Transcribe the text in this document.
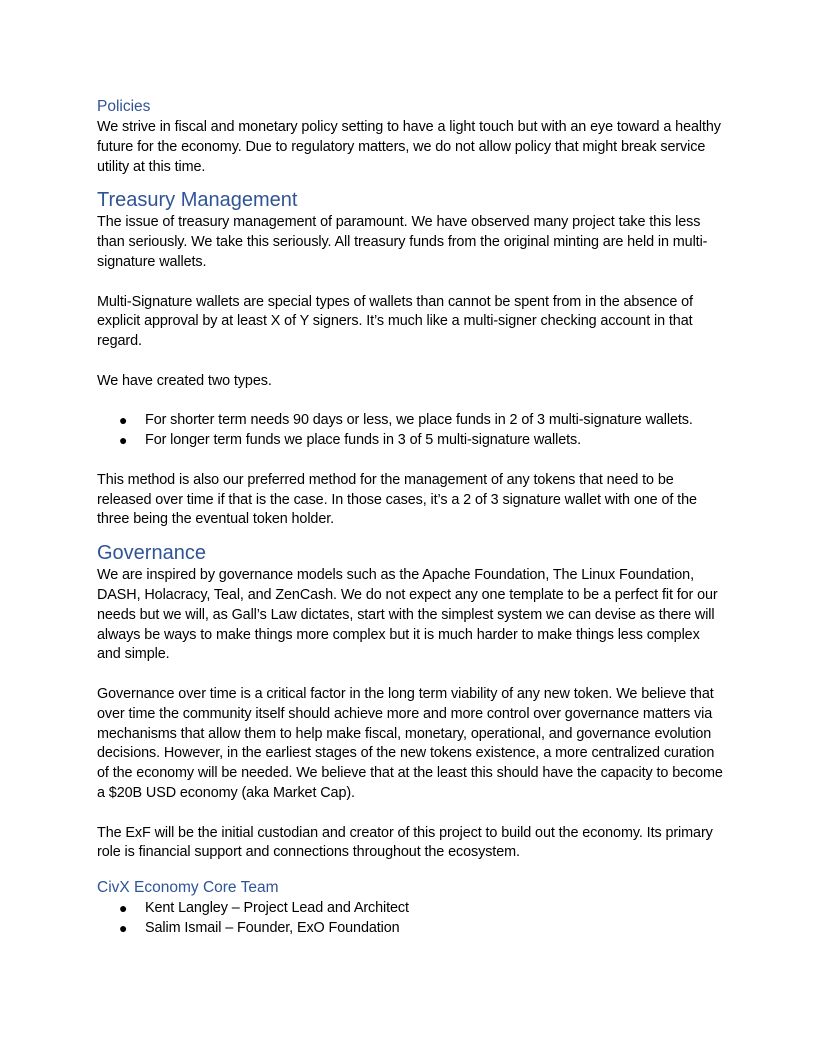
Policies

We strive in fiscal and monetary policy setting to have a light touch but with an eye toward a healthy future for the economy. Due to regulatory matters, we do not allow policy that might break service utility at this time.

Treasury Management

The issue of treasury management of paramount. We have observed many project take this less than seriously. We take this seriously. All treasury funds from the original minting are held in multi-signature wallets.

Multi-Signature wallets are special types of wallets than cannot be spent from in the absence of explicit approval by at least X of Y signers. It’s much like a multi-signer checking account in that regard.

We have created two types.

● For shorter term needs 90 days or less, we place funds in 2 of 3 multi-signature wallets.
● For longer term funds we place funds in 3 of 5 multi-signature wallets.

This method is also our preferred method for the management of any tokens that need to be released over time if that is the case. In those cases, it’s a 2 of 3 signature wallet with one of the three being the eventual token holder.

Governance

We are inspired by governance models such as the Apache Foundation, The Linux Foundation, DASH, Holacracy, Teal, and ZenCash. We do not expect any one template to be a perfect fit for our needs but we will, as Gall’s Law dictates, start with the simplest system we can devise as there will always be ways to make things more complex but it is much harder to make things less complex and simple.

Governance over time is a critical factor in the long term viability of any new token. We believe that over time the community itself should achieve more and more control over governance matters via mechanisms that allow them to help make fiscal, monetary, operational, and governance evolution decisions. However, in the earliest stages of the new tokens existence, a more centralized curation of the economy will be needed. We believe that at the least this should have the capacity to become a $20B USD economy (aka Market Cap).

The ExF will be the initial custodian and creator of this project to build out the economy. Its primary role is financial support and connections throughout the ecosystem.

CivX Economy Core Team
● Kent Langley – Project Lead and Architect
● Salim Ismail – Founder, ExO Foundation
